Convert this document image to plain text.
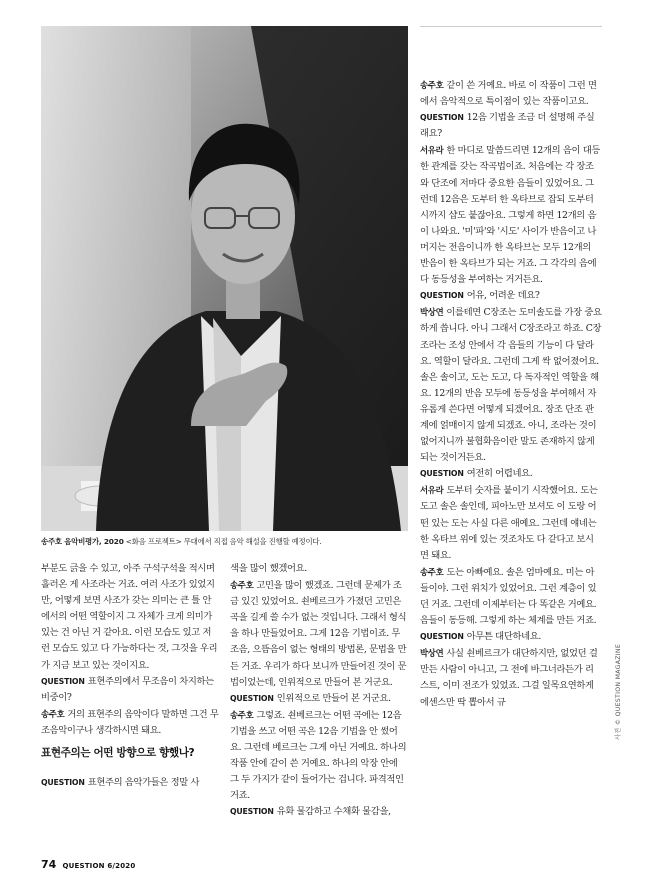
송주호 음악비평가, 2020 <화음 프로젝트> 무대에서 직접 음악 해설을 진행할 예정이다.

부분도 긁을 수 있고, 아주 구석구석을 적시며 흘러온 게 사조라는 거죠. 여러 사조가 있었지만, 어떻게 보면 사조가 갖는 의미는 큰 틀 안에서의 어떤 역할이지 그 자체가 크게 의미가 있는 건 아닌 거 같아요. 이런 모습도 있고 저런 모습도 있고 다 가능하다는 것, 그것을 우리가 지금 보고 있는 것이지요.

QUESTION 표현주의에서 무조음이 차지하는 비중이?

송주호 거의 표현주의 음악이다 말하면 그건 무조음악이구나 생각하시면 돼요.

표현주의는 어떤 방향으로 향했나?

QUESTION 표현주의 음악가들은 정말 사

색을 많이 했겠어요.

송주호 고민을 많이 했겠죠. 그런데 문제가 조금 있긴 있었어요. 쇤베르크가 가졌던 고민은 곡을 길게 쓸 수가 없는 것입니다. 그래서 형식을 하나 만들었어요. 그게 12음 기법이죠. 무조음, 으뜸음이 없는 형태의 방법론, 문법을 만든 거죠. 우리가 하다 보니까 만들어진 것이 문법이었는데, 인위적으로 만들어 본 거군요.

QUESTION 인위적으로 만들어 본 거군요.

송주호 그렇죠. 쇤베르크는 어떤 곡에는 12음 기법을 쓰고 어떤 곡은 12음 기법을 안 썼어요. 그런데 베르크는 그게 아닌 거예요. 하나의 작품 안에 같이 쓴 거예요. 하나의 악장 안에 그 두 가지가 같이 들어가는 겁니다. 파격적인 거죠.

QUESTION 유화 물감하고 수채화 물감을,

송주호 같이 쓴 거예요. 바로 이 작품이 그런 면에서 음악적으로 특이점이 있는 작품이고요.

QUESTION 12음 기법을 조금 더 설명해 주실래요?

서유라 한 마디로 말씀드리면 12개의 음이 대등한 관계를 갖는 작곡법이죠. 처음에는 각 장조와 단조에 저마다 중요한 음들이 있었어요. 그런데 12음은 도부터 한 옥타브로 잡되 도부터 시까지 샵도 붙잖아요. 그렇게 하면 12개의 음이 나와요. '미'파'와 '시도' 사이가 반음이고 나머지는 전음이니까 한 옥타브는 모두 12개의 반음이 한 옥타브가 되는 거죠. 그 각각의 음에 다 동등성을 부여하는 거거든요.

QUESTION 어유, 어려운 데요?

박상연 이를테면 C장조는 도미솔도를 가장 중요하게 씁니다. 아니 그래서 C장조라고 하죠. C장조라는 조성 안에서 각 음들의 기능이 다 달라요. 역할이 달라요. 그런데 그게 싹 없어졌어요. 솔은 솔이고, 도는 도고, 다 독자적인 역할을 해요. 12개의 반음 모두에 동등성을 부여해서 자유롭게 쓴다면 어떻게 되겠어요. 장조 단조 관계에 얽매이지 않게 되겠죠. 아니, 조라는 것이 없어지니까 불협화음이란 말도 존재하지 않게 되는 것이거든요.

QUESTION 여전히 어렵네요.

서유라 도부터 숫자를 붙이기 시작했어요. 도는 도고 솔은 솔인데, 피아노만 보셔도 이 도랑 어떤 있는 도는 사실 다른 애예요. 그런데 얘네는 한 옥타브 위에 있는 것조차도 다 같다고 보시면 돼요.

송주호 도는 아빠예요. 솔은 엄마예요. 미는 아들이야. 그런 위치가 있었어요. 그런 계층이 있던 거죠. 그런데 이제부터는 다 똑같은 거예요. 음들이 동등해. 그렇게 하는 체계를 만든 거죠.

QUESTION 아무튼 대단하네요.

박상연 사실 쇤베르크가 대단하지만, 없었던 걸 만든 사람이 아니고, 그 전에 바그너라든가 리스트, 이미 전조가 있었죠. 그걸 일목요연하게 에센스만 딱 뽑아서 규

74 QUESTION 6/2020
사진 © QUESTION MAGAZINE
